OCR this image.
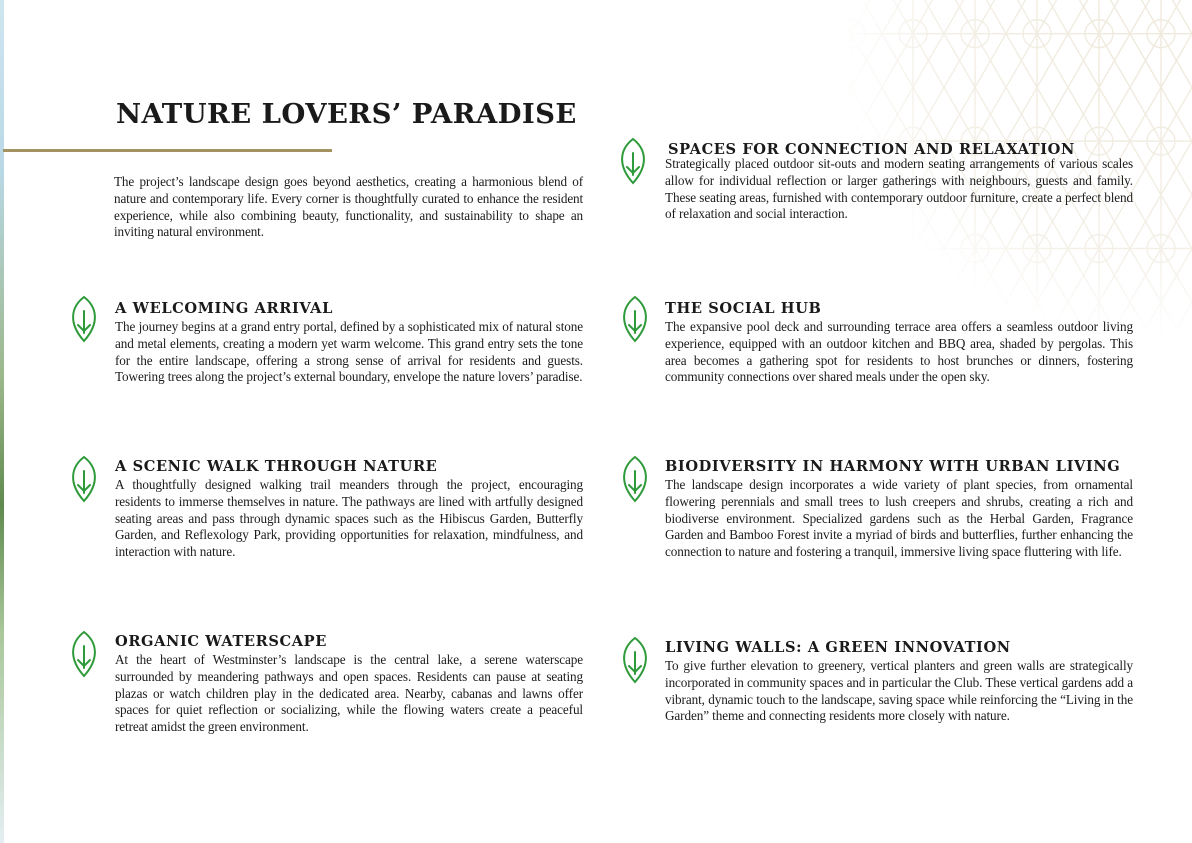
NATURE LOVERS’ PARADISE

The project’s landscape design goes beyond aesthetics, creating a harmonious blend of nature and contemporary life. Every corner is thoughtfully curated to enhance the resident experience, while also combining beauty, functionality, and sustainability to shape an inviting natural environment.

A WELCOMING ARRIVAL

The journey begins at a grand entry portal, defined by a sophisticated mix of natural stone and metal elements, creating a modern yet warm welcome. This grand entry sets the tone for the entire landscape, offering a strong sense of arrival for residents and guests. Towering trees along the project’s external boundary, envelope the nature lovers’ paradise.

A SCENIC WALK THROUGH NATURE

A thoughtfully designed walking trail meanders through the project, encouraging residents to immerse themselves in nature. The pathways are lined with artfully designed seating areas and pass through dynamic spaces such as the Hibiscus Garden, Butterfly Garden, and Reflexology Park, providing opportunities for relaxation, mindfulness, and interaction with nature.

ORGANIC WATERSCAPE

At the heart of Westminster’s landscape is the central lake, a serene waterscape surrounded by meandering pathways and open spaces. Residents can pause at seating plazas or watch children play in the dedicated area. Nearby, cabanas and lawns offer spaces for quiet reflection or socializing, while the flowing waters create a peaceful retreat amidst the green environment.

SPACES FOR CONNECTION AND RELAXATION

Strategically placed outdoor sit-outs and modern seating arrangements of various scales allow for individual reflection or larger gatherings with neighbours, guests and family. These seating areas, furnished with contemporary outdoor furniture, create a perfect blend of relaxation and social interaction.

THE SOCIAL HUB

The expansive pool deck and surrounding terrace area offers a seamless outdoor living experience, equipped with an outdoor kitchen and BBQ area, shaded by pergolas. This area becomes a gathering spot for residents to host brunches or dinners, fostering community connections over shared meals under the open sky.

BIODIVERSITY IN HARMONY WITH URBAN LIVING

The landscape design incorporates a wide variety of plant species, from ornamental flowering perennials and small trees to lush creepers and shrubs, creating a rich and biodiverse environment. Specialized gardens such as the Herbal Garden, Fragrance Garden and Bamboo Forest invite a myriad of birds and butterflies, further enhancing the connection to nature and fostering a tranquil, immersive living space fluttering with life.

LIVING WALLS: A GREEN INNOVATION

To give further elevation to greenery, vertical planters and green walls are strategically incorporated in community spaces and in particular the Club. These vertical gardens add a vibrant, dynamic touch to the landscape, saving space while reinforcing the “Living in the Garden” theme and connecting residents more closely with nature.
